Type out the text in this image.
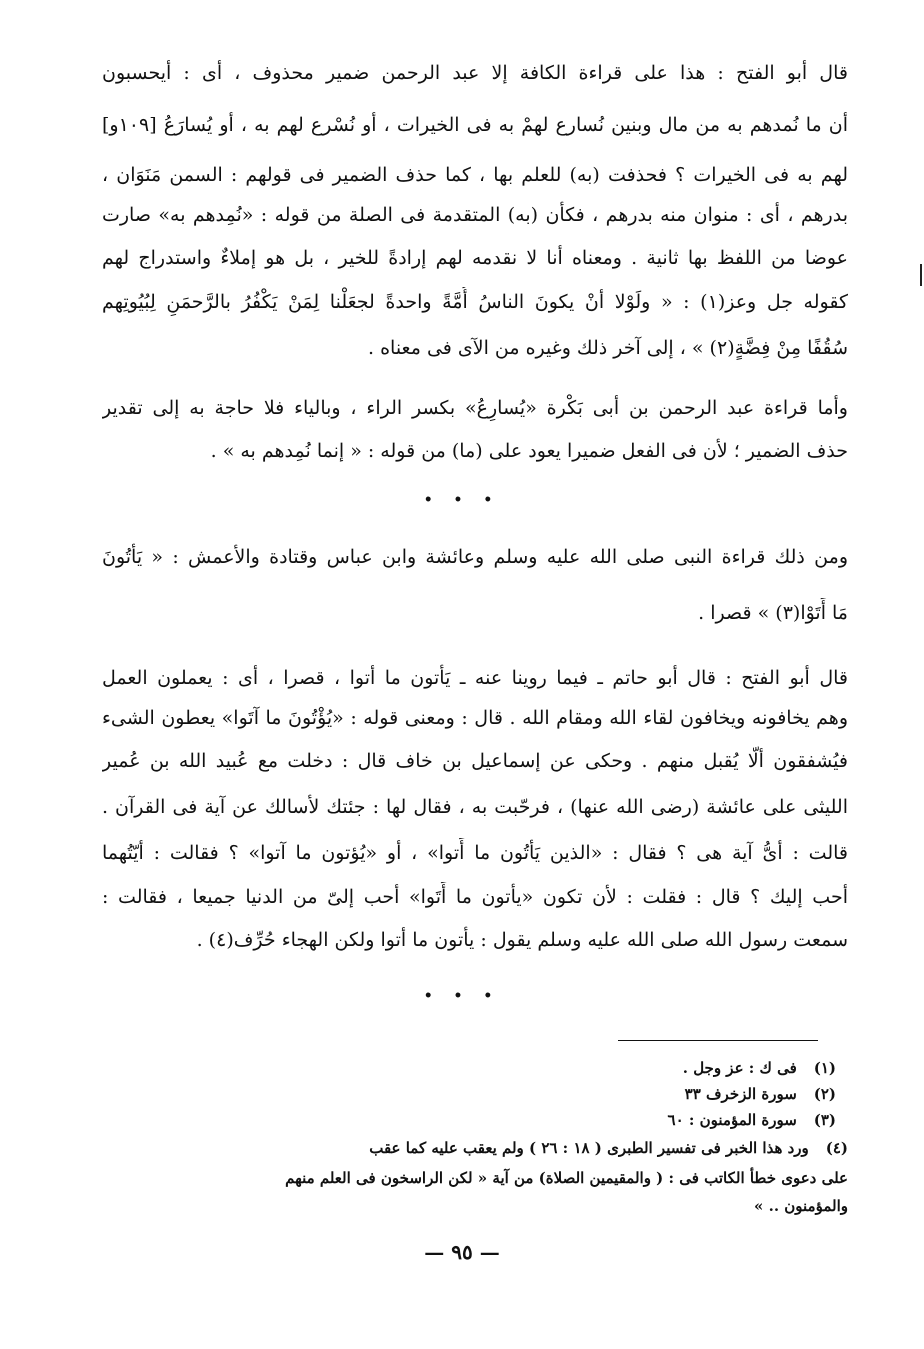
قال أبو الفتح : هذا على قراءة الكافة إلا عبد الرحمن ضمير محذوف ، أى : أيحسبون
أن ما نُمدهم به من مال وبنين نُسارع لهمْ به فى الخيرات ، أو نُسْرع لهم به ، أو يُسارَعُ [١٠٩و]
لهم به فى الخيرات ؟ فحذفت (به) للعلم بها ، كما حذف الضمير فى قولهم : السمن مَنَوَان ،
بدرهم ، أى : منوان منه بدرهم ، فكأن (به) المتقدمة فى الصلة من قوله : «نُمِدهم به» صارت
عوضا من اللفظ بها ثانية . ومعناه أنا لا نقدمه لهم إرادةً للخير ، بل هو إملاءٌ واستدراج لهم
كقوله جل وعز(١) : « ولَوْلا أنْ يكونَ الناسُ أُمَّةً واحدةً لجعَلْنا لِمَنْ يَكْفُرُ بالرَّحمَنِ لِبُيُوتِهم
سُقُفًا مِنْ فِضَّةٍ(٢) » ، إلى آخر ذلك وغيره من الآى فى معناه .
وأما قراءة عبد الرحمن بن أبى بَكْرة «يُسارِعُ» بكسر الراء ، وبالياء فلا حاجة به إلى تقدير
حذف الضمير ؛ لأن فى الفعل ضميرا يعود على (ما) من قوله : « إنما نُمِدهم به » .
• • •
ومن ذلك قراءة النبى صلى الله عليه وسلم وعائشة وابن عباس وقتادة والأعمش : « يَأْتُونَ
مَا أَتَوْا(٣) » قصرا .
قال أبو الفتح : قال أبو حاتم ـ فيما روينا عنه ـ يَأْتون ما أتوا ، قصرا ، أى : يعملون العمل
وهم يخافونه ويخافون لقاء الله ومقام الله . قال : ومعنى قوله : «يُؤْتُونَ ما آتَوا» يعطون الشىء
فيُشفقون ألّا يُقبل منهم . وحكى عن إسماعيل بن خاف قال : دخلت مع عُبيد الله بن عُمير
الليثى على عائشة (رضى الله عنها) ، فرحّبت به ، فقال لها : جئتك لأسالك عن آية فى القرآن .
قالت : أىُّ آية هى ؟ فقال : «الذين يَأْتُون ما أَتوا» ، أو «يُؤتون ما آتوا» ؟ فقالت : أيّتُهما
أحب إليك ؟ قال : فقلت : لأن تكون «يأْتون ما أَتَوا» أحب إلىّ من الدنيا جميعا ، فقالت :
سمعت رسول الله صلى الله عليه وسلم يقول : يأْتون ما أتوا ولكن الهجاء حُرِّف(٤) .
• • •
(١) فى ك : عز وجل .
(٢) سورة الزخرف ٣٣
(٣) سورة المؤمنون : ٦٠
(٤) ورد هذا الخبر فى تفسير الطبرى ( ١٨ : ٢٦ ) ولم يعقب عليه كما عقب
على دعوى خطأ الكاتب فى : ( والمقيمين الصلاة) من آية « لكن الراسخون فى العلم منهم
والمؤمنون .. »
— ٩٥ —
